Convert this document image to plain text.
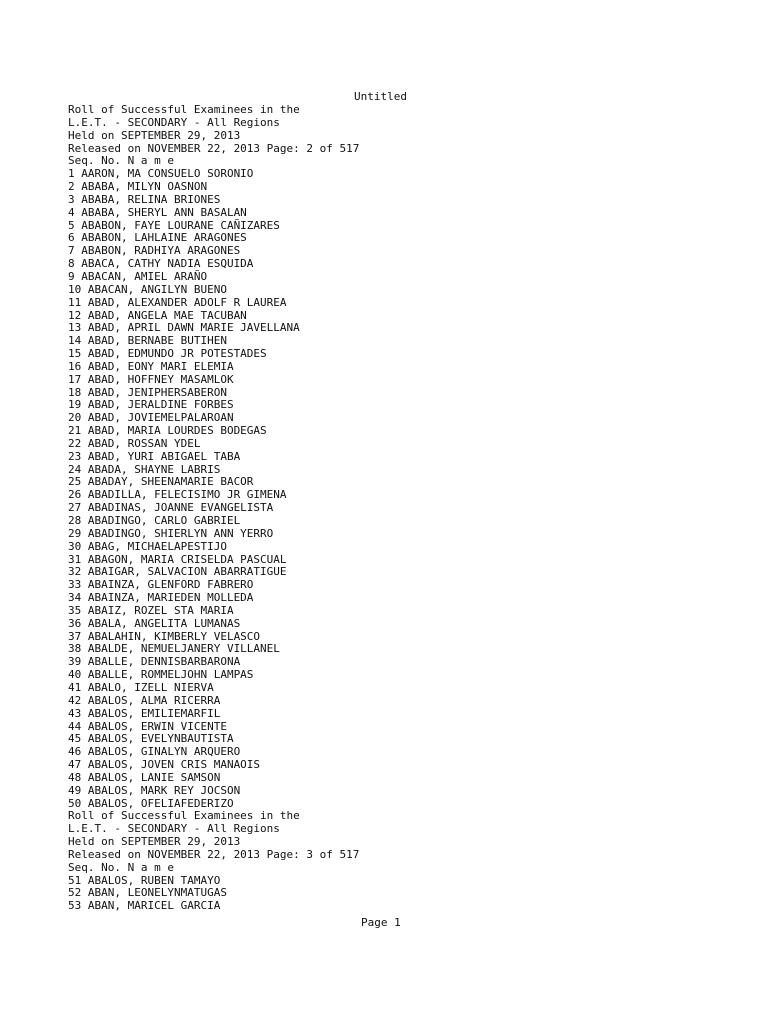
Untitled
Roll of Successful Examinees in the
L.E.T. - SECONDARY - All Regions
Held on SEPTEMBER 29, 2013
Released on NOVEMBER 22, 2013 Page: 2 of 517
Seq. No. N a m e
1 AARON, MA CONSUELO SORONIO
2 ABABA, MILYN OASNON
3 ABABA, RELINA BRIONES
4 ABABA, SHERYL ANN BASALAN
5 ABABON, FAYE LOURANE CAÑIZARES
6 ABABON, LAHLAINE ARAGONES
7 ABABON, RADHIYA ARAGONES
8 ABACA, CATHY NADIA ESQUIDA
9 ABACAN, AMIEL ARAÑO
10 ABACAN, ANGILYN BUENO
11 ABAD, ALEXANDER ADOLF R LAUREA
12 ABAD, ANGELA MAE TACUBAN
13 ABAD, APRIL DAWN MARIE JAVELLANA
14 ABAD, BERNABE BUTIHEN
15 ABAD, EDMUNDO JR POTESTADES
16 ABAD, EONY MARI ELEMIA
17 ABAD, HOFFNEY MASAMLOK
18 ABAD, JENIPHERSABERON
19 ABAD, JERALDINE FORBES
20 ABAD, JOVIEMELPALAROAN
21 ABAD, MARIA LOURDES BODEGAS
22 ABAD, ROSSAN YDEL
23 ABAD, YURI ABIGAEL TABA
24 ABADA, SHAYNE LABRIS
25 ABADAY, SHEENAMARIE BACOR
26 ABADILLA, FELECISIMO JR GIMENA
27 ABADINAS, JOANNE EVANGELISTA
28 ABADINGO, CARLO GABRIEL
29 ABADINGO, SHIERLYN ANN YERRO
30 ABAG, MICHAELAPESTIJO
31 ABAGON, MARIA CRISELDA PASCUAL
32 ABAIGAR, SALVACION ABARRATIGUE
33 ABAINZA, GLENFORD FABRERO
34 ABAINZA, MARIEDEN MOLLEDA
35 ABAIZ, ROZEL STA MARIA
36 ABALA, ANGELITA LUMANAS
37 ABALAHIN, KIMBERLY VELASCO
38 ABALDE, NEMUELJANERY VILLANEL
39 ABALLE, DENNISBARBARONA
40 ABALLE, ROMMELJOHN LAMPAS
41 ABALO, IZELL NIERVA
42 ABALOS, ALMA RICERRA
43 ABALOS, EMILIEMARFIL
44 ABALOS, ERWIN VICENTE
45 ABALOS, EVELYNBAUTISTA
46 ABALOS, GINALYN ARQUERO
47 ABALOS, JOVEN CRIS MANAOIS
48 ABALOS, LANIE SAMSON
49 ABALOS, MARK REY JOCSON
50 ABALOS, OFELIAFEDERIZO
Roll of Successful Examinees in the
L.E.T. - SECONDARY - All Regions
Held on SEPTEMBER 29, 2013
Released on NOVEMBER 22, 2013 Page: 3 of 517
Seq. No. N a m e
51 ABALOS, RUBEN TAMAYO
52 ABAN, LEONELYNMATUGAS
53 ABAN, MARICEL GARCIA
Page 1
